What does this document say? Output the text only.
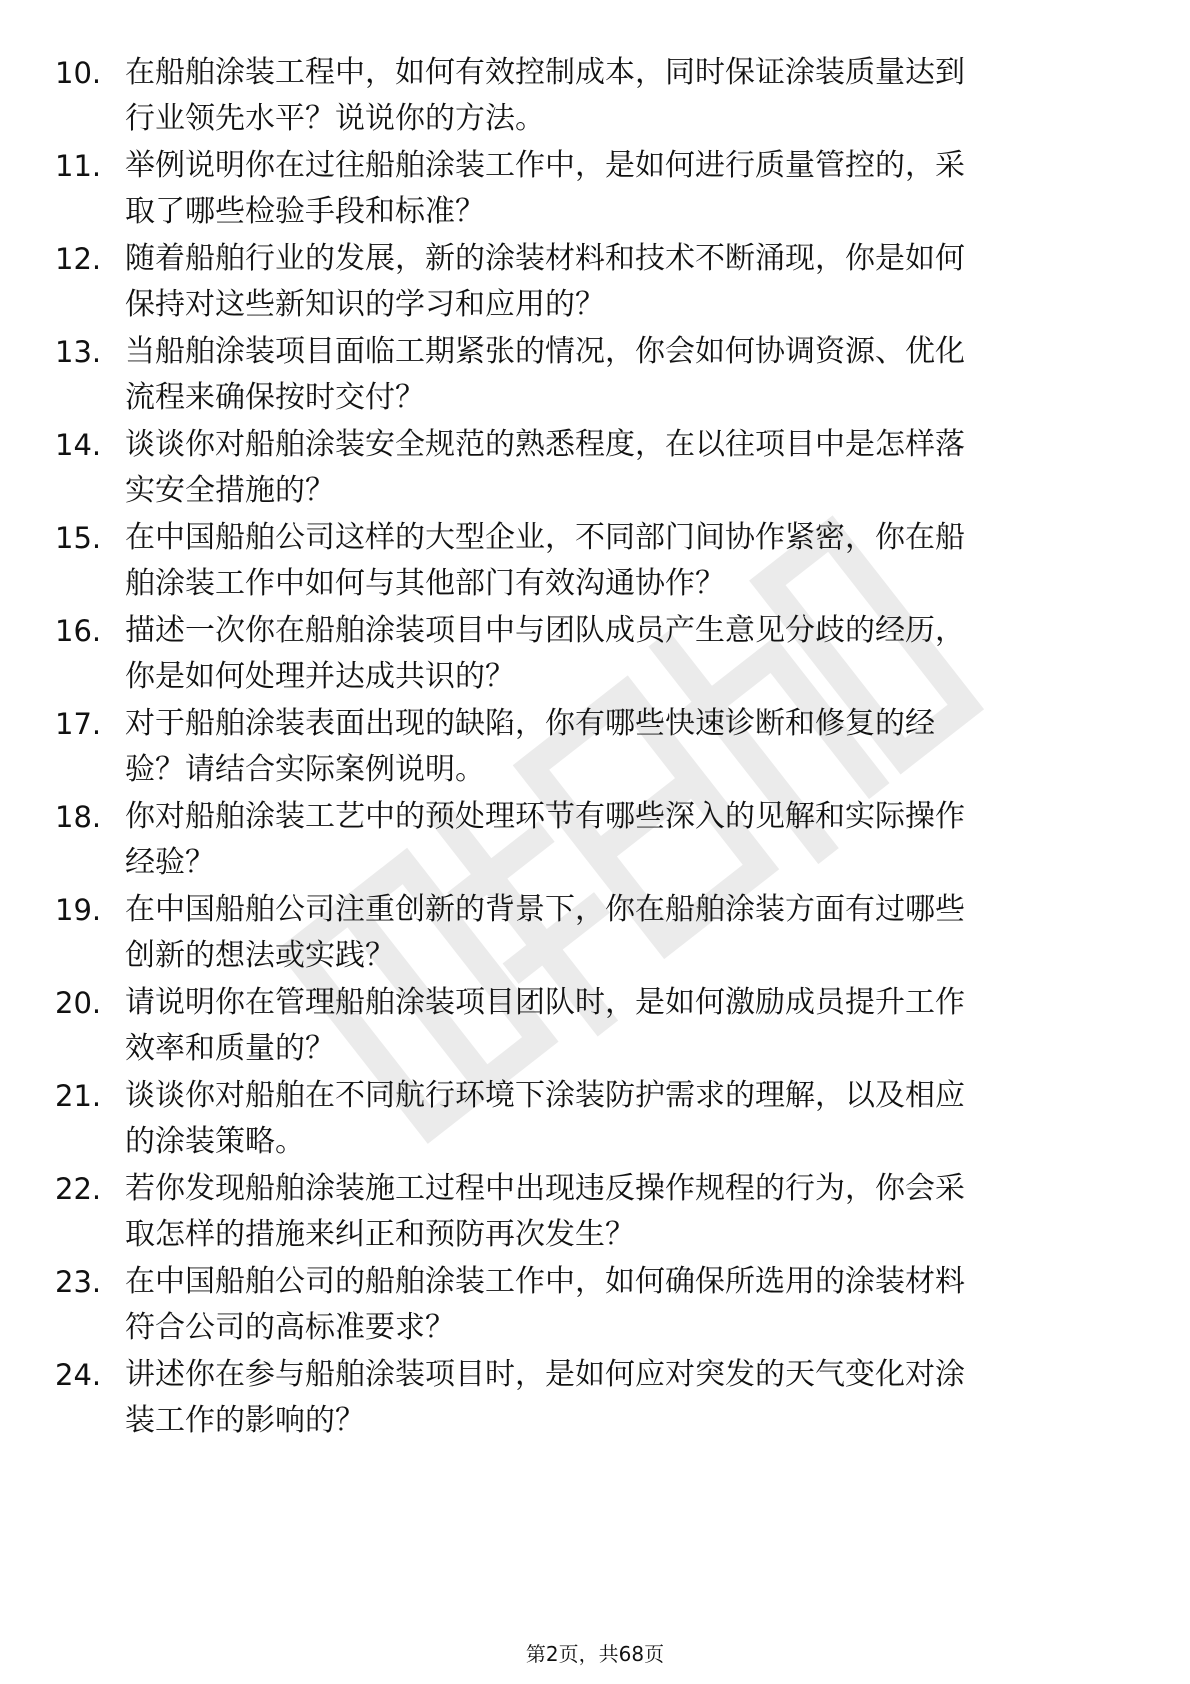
10. 在船舶涂装工程中，如何有效控制成本，同时保证涂装质量达到
行业领先水平？说说你的方法。
11. 举例说明你在过往船舶涂装工作中，是如何进行质量管控的，采
取了哪些检验手段和标准？
12. 随着船舶行业的发展，新的涂装材料和技术不断涌现，你是如何
保持对这些新知识的学习和应用的？
13. 当船舶涂装项目面临工期紧张的情况，你会如何协调资源、优化
流程来确保按时交付？
14. 谈谈你对船舶涂装安全规范的熟悉程度，在以往项目中是怎样落
实安全措施的？
15. 在中国船舶公司这样的大型企业，不同部门间协作紧密，你在船
舶涂装工作中如何与其他部门有效沟通协作？
16. 描述一次你在船舶涂装项目中与团队成员产生意见分歧的经历，
你是如何处理并达成共识的？
17. 对于船舶涂装表面出现的缺陷，你有哪些快速诊断和修复的经
验？请结合实际案例说明。
18. 你对船舶涂装工艺中的预处理环节有哪些深入的见解和实际操作
经验？
19. 在中国船舶公司注重创新的背景下，你在船舶涂装方面有过哪些
创新的想法或实践？
20. 请说明你在管理船舶涂装项目团队时，是如何激励成员提升工作
效率和质量的？
21. 谈谈你对船舶在不同航行环境下涂装防护需求的理解，以及相应
的涂装策略。
22. 若你发现船舶涂装施工过程中出现违反操作规程的行为，你会采
取怎样的措施来纠正和预防再次发生？
23. 在中国船舶公司的船舶涂装工作中，如何确保所选用的涂装材料
符合公司的高标准要求？
24. 讲述你在参与船舶涂装项目时，是如何应对突发的天气变化对涂
装工作的影响的？
第2页，共68页
